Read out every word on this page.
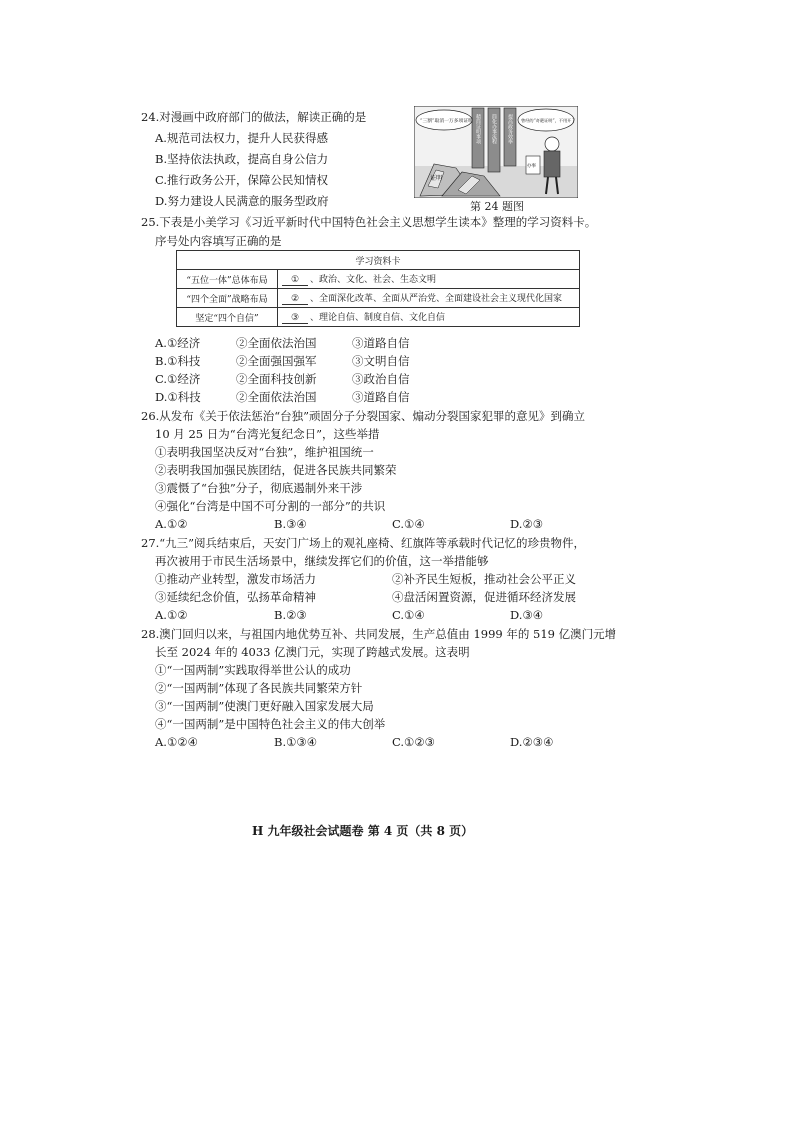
24.对漫画中政府部门的做法，解读正确的是
A.规范司法权力，提升人民获得感
B.坚持依法执政，提高自身公信力
C.推行政务公开，保障公民知情权
D.努力建设人民满意的服务型政府
精简证明事项 简化办事流程 提高政务效率
证明
“三割”取消一万多项证明	曾经的“奇葩证明”，不用开了
办事
第 24 题图
25.下表是小美学习《习近平新时代中国特色社会主义思想学生读本》整理的学习资料卡。
序号处内容填写正确的是
学习资料卡	
“五位一体”总体布局	① 、政治、文化、社会、生态文明
“四个全面”战略布局	② 、全面深化改革、全面从严治党、全面建设社会主义现代化国家
坚定“四个自信”	③ 、理论自信、制度自信、文化自信
A.①经济	②全面依法治国	③道路自信
B.①科技	②全面强国强军	③文明自信
C.①经济	②全面科技创新	③政治自信
D.①科技	②全面依法治国	③道路自信
26.从发布《关于依法惩治“台独”顽固分子分裂国家、煽动分裂国家犯罪的意见》到确立
10 月 25 日为“台湾光复纪念日”，这些举措
①表明我国坚决反对“台独”，维护祖国统一
②表明我国加强民族团结，促进各民族共同繁荣
③震慑了“台独”分子，彻底遏制外来干涉
④强化“台湾是中国不可分割的一部分”的共识
A.①②	B.③④	C.①④	D.②③
27.“九三”阅兵结束后，天安门广场上的观礼座椅、红旗阵等承载时代记忆的珍贵物件，
再次被用于市民生活场景中，继续发挥它们的价值，这一举措能够
①推动产业转型，激发市场活力	②补齐民生短板，推动社会公平正义
③延续纪念价值，弘扬革命精神	④盘活闲置资源，促进循环经济发展
A.①②	B.②③	C.①④	D.③④
28.澳门回归以来，与祖国内地优势互补、共同发展，生产总值由 1999 年的 519 亿澳门元增
长至 2024 年的 4033 亿澳门元，实现了跨越式发展。这表明
①“一国两制”实践取得举世公认的成功
②“一国两制”体现了各民族共同繁荣方针
③“一国两制”使澳门更好融入国家发展大局
④“一国两制”是中国特色社会主义的伟大创举
A.①②④	B.①③④	C.①②③	D.②③④
H 九年级社会试题卷 第 4 页（共 8 页）
